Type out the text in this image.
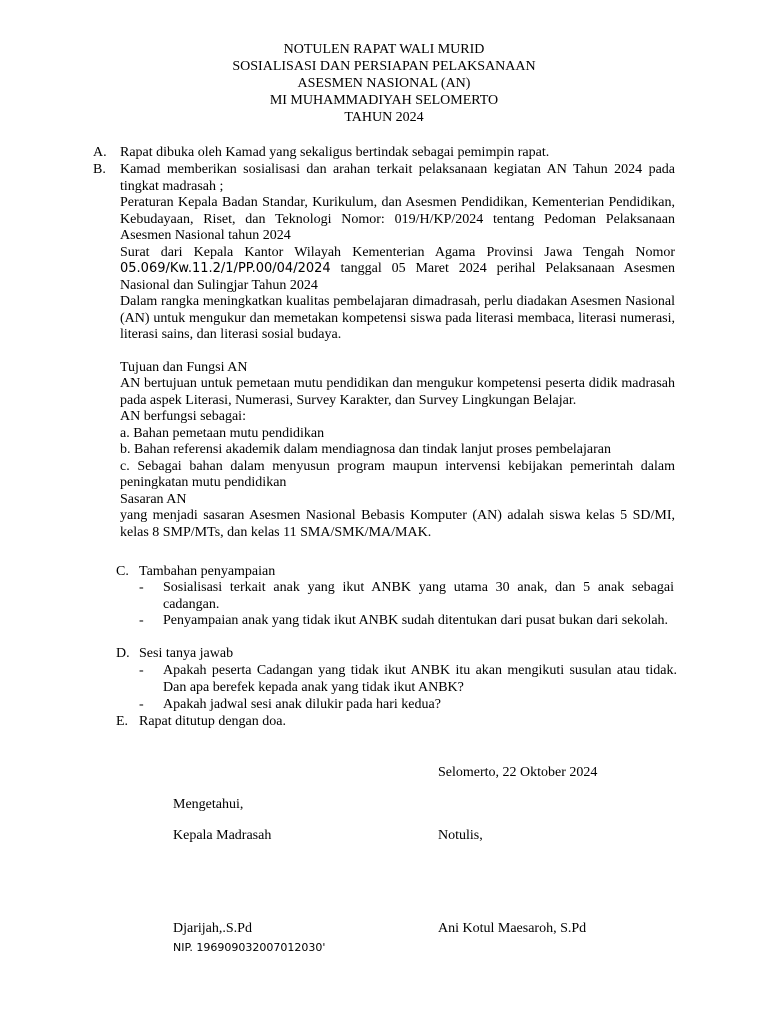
NOTULEN RAPAT WALI MURID
SOSIALISASI DAN PERSIAPAN PELAKSANAAN
ASESMEN NASIONAL (AN)
MI MUHAMMADIYAH SELOMERTO
TAHUN 2024
A. Rapat dibuka oleh Kamad yang sekaligus bertindak sebagai pemimpin rapat.
B.	Kamad memberikan sosialisasi dan arahan terkait pelaksanaan kegiatan AN Tahun 2024 pada tingkat madrasah ;
Peraturan Kepala Badan Standar, Kurikulum, dan Asesmen Pendidikan, Kementerian Pendidikan, Kebudayaan, Riset, dan Teknologi Nomor: 019/H/KP/2024 tentang Pedoman Pelaksanaan Asesmen Nasional tahun 2024
Surat dari Kepala Kantor Wilayah Kementerian Agama Provinsi Jawa Tengah Nomor 05.069/Kw.11.2/1/PP.00/04/2024 tanggal 05 Maret 2024 perihal Pelaksanaan Asesmen Nasional dan Sulingjar Tahun 2024
Dalam rangka meningkatkan kualitas pembelajaran dimadrasah, perlu diadakan Asesmen Nasional (AN) untuk mengukur dan memetakan kompetensi siswa pada literasi membaca, literasi numerasi, literasi sains, dan literasi sosial budaya.
Tujuan dan Fungsi AN
AN bertujuan untuk pemetaan mutu pendidikan dan mengukur kompetensi peserta didik madrasah pada aspek Literasi, Numerasi, Survey Karakter, dan Survey Lingkungan Belajar.
AN berfungsi sebagai:
a. Bahan pemetaan mutu pendidikan
b. Bahan referensi akademik dalam mendiagnosa dan tindak lanjut proses pembelajaran
c. Sebagai bahan dalam menyusun program maupun intervensi kebijakan pemerintah dalam peningkatan mutu pendidikan
Sasaran AN
yang menjadi sasaran Asesmen Nasional Bebasis Komputer (AN) adalah siswa kelas 5 SD/MI, kelas 8 SMP/MTs, dan kelas 11 SMA/SMK/MA/MAK.
C. Tambahan penyampaian
- Sosialisasi terkait anak yang ikut ANBK yang utama 30 anak, dan 5 anak sebagai cadangan.
- Penyampaian anak yang tidak ikut ANBK sudah ditentukan dari pusat bukan dari sekolah.
D. Sesi tanya jawab
- Apakah peserta Cadangan yang tidak ikut ANBK itu akan mengikuti susulan atau tidak. Dan apa berefek kepada anak yang tidak ikut ANBK?
- Apakah jadwal sesi anak dilukir pada hari kedua?
E. Rapat ditutup dengan doa.
Selomerto, 22 Oktober 2024
Mengetahui,
Kepala Madrasah	Notulis,
Djarijah,.S.Pd	Ani Kotul Maesaroh, S.Pd
NIP. 196909032007012030'
